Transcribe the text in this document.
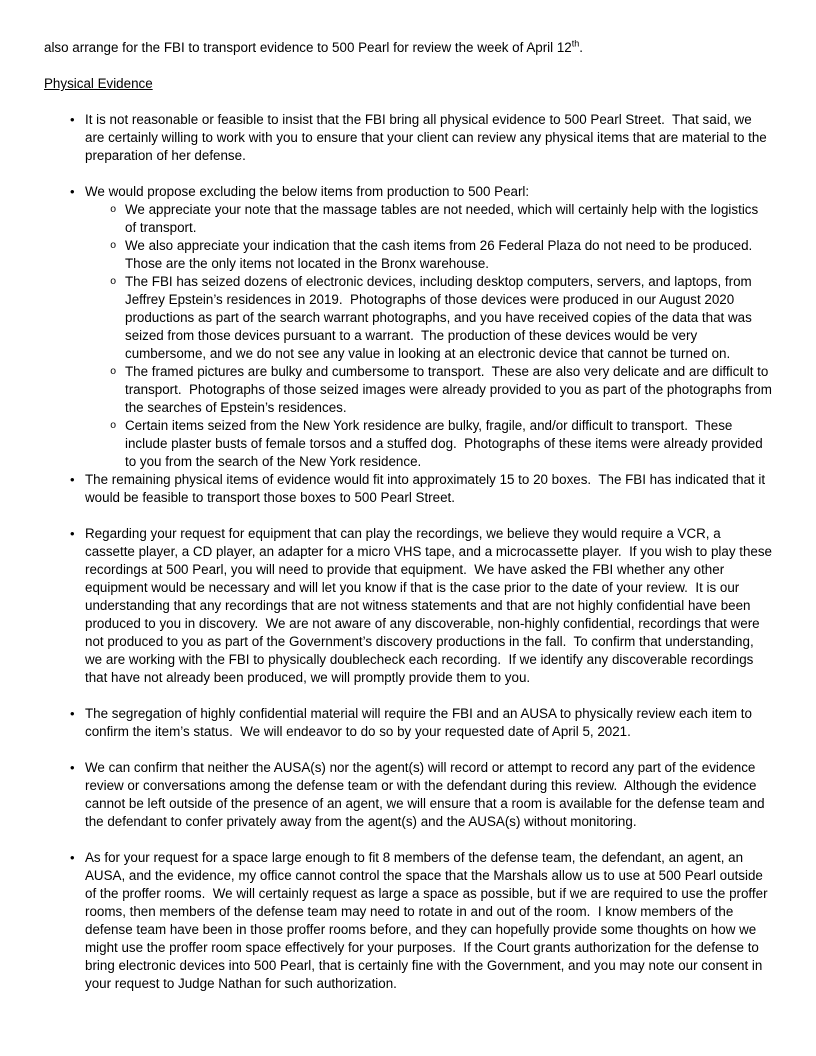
also arrange for the FBI to transport evidence to 500 Pearl for review the week of April 12th.

Physical Evidence
• It is not reasonable or feasible to insist that the FBI bring all physical evidence to 500 Pearl Street.  That said, we are certainly willing to work with you to ensure that your client can review any physical items that are material to the preparation of her defense.
• We would propose excluding the below items from production to 500 Pearl:
o We appreciate your note that the massage tables are not needed, which will certainly help with the logistics of transport.
o We also appreciate your indication that the cash items from 26 Federal Plaza do not need to be produced.  Those are the only items not located in the Bronx warehouse.
o The FBI has seized dozens of electronic devices, including desktop computers, servers, and laptops, from Jeffrey Epstein’s residences in 2019.  Photographs of those devices were produced in our August 2020 productions as part of the search warrant photographs, and you have received copies of the data that was seized from those devices pursuant to a warrant.  The production of these devices would be very cumbersome, and we do not see any value in looking at an electronic device that cannot be turned on.
o The framed pictures are bulky and cumbersome to transport.  These are also very delicate and are difficult to transport.  Photographs of those seized images were already provided to you as part of the photographs from the searches of Epstein’s residences.
o Certain items seized from the New York residence are bulky, fragile, and/or difficult to transport.  These include plaster busts of female torsos and a stuffed dog.  Photographs of these items were already provided to you from the search of the New York residence.
• The remaining physical items of evidence would fit into approximately 15 to 20 boxes.  The FBI has indicated that it would be feasible to transport those boxes to 500 Pearl Street.
• Regarding your request for equipment that can play the recordings, we believe they would require a VCR, a cassette player, a CD player, an adapter for a micro VHS tape, and a microcassette player.  If you wish to play these recordings at 500 Pearl, you will need to provide that equipment.  We have asked the FBI whether any other equipment would be necessary and will let you know if that is the case prior to the date of your review.  It is our understanding that any recordings that are not witness statements and that are not highly confidential have been produced to you in discovery.  We are not aware of any discoverable, non-highly confidential, recordings that were not produced to you as part of the Government’s discovery productions in the fall.  To confirm that understanding, we are working with the FBI to physically doublecheck each recording.  If we identify any discoverable recordings that have not already been produced, we will promptly provide them to you.
• The segregation of highly confidential material will require the FBI and an AUSA to physically review each item to confirm the item’s status.  We will endeavor to do so by your requested date of April 5, 2021.
• We can confirm that neither the AUSA(s) nor the agent(s) will record or attempt to record any part of the evidence review or conversations among the defense team or with the defendant during this review.  Although the evidence cannot be left outside of the presence of an agent, we will ensure that a room is available for the defense team and the defendant to confer privately away from the agent(s) and the AUSA(s) without monitoring.
• As for your request for a space large enough to fit 8 members of the defense team, the defendant, an agent, an AUSA, and the evidence, my office cannot control the space that the Marshals allow us to use at 500 Pearl outside of the proffer rooms.  We will certainly request as large a space as possible, but if we are required to use the proffer rooms, then members of the defense team may need to rotate in and out of the room.  I know members of the defense team have been in those proffer rooms before, and they can hopefully provide some thoughts on how we might use the proffer room space effectively for your purposes.  If the Court grants authorization for the defense to bring electronic devices into 500 Pearl, that is certainly fine with the Government, and you may note our consent in your request to Judge Nathan for such authorization.
